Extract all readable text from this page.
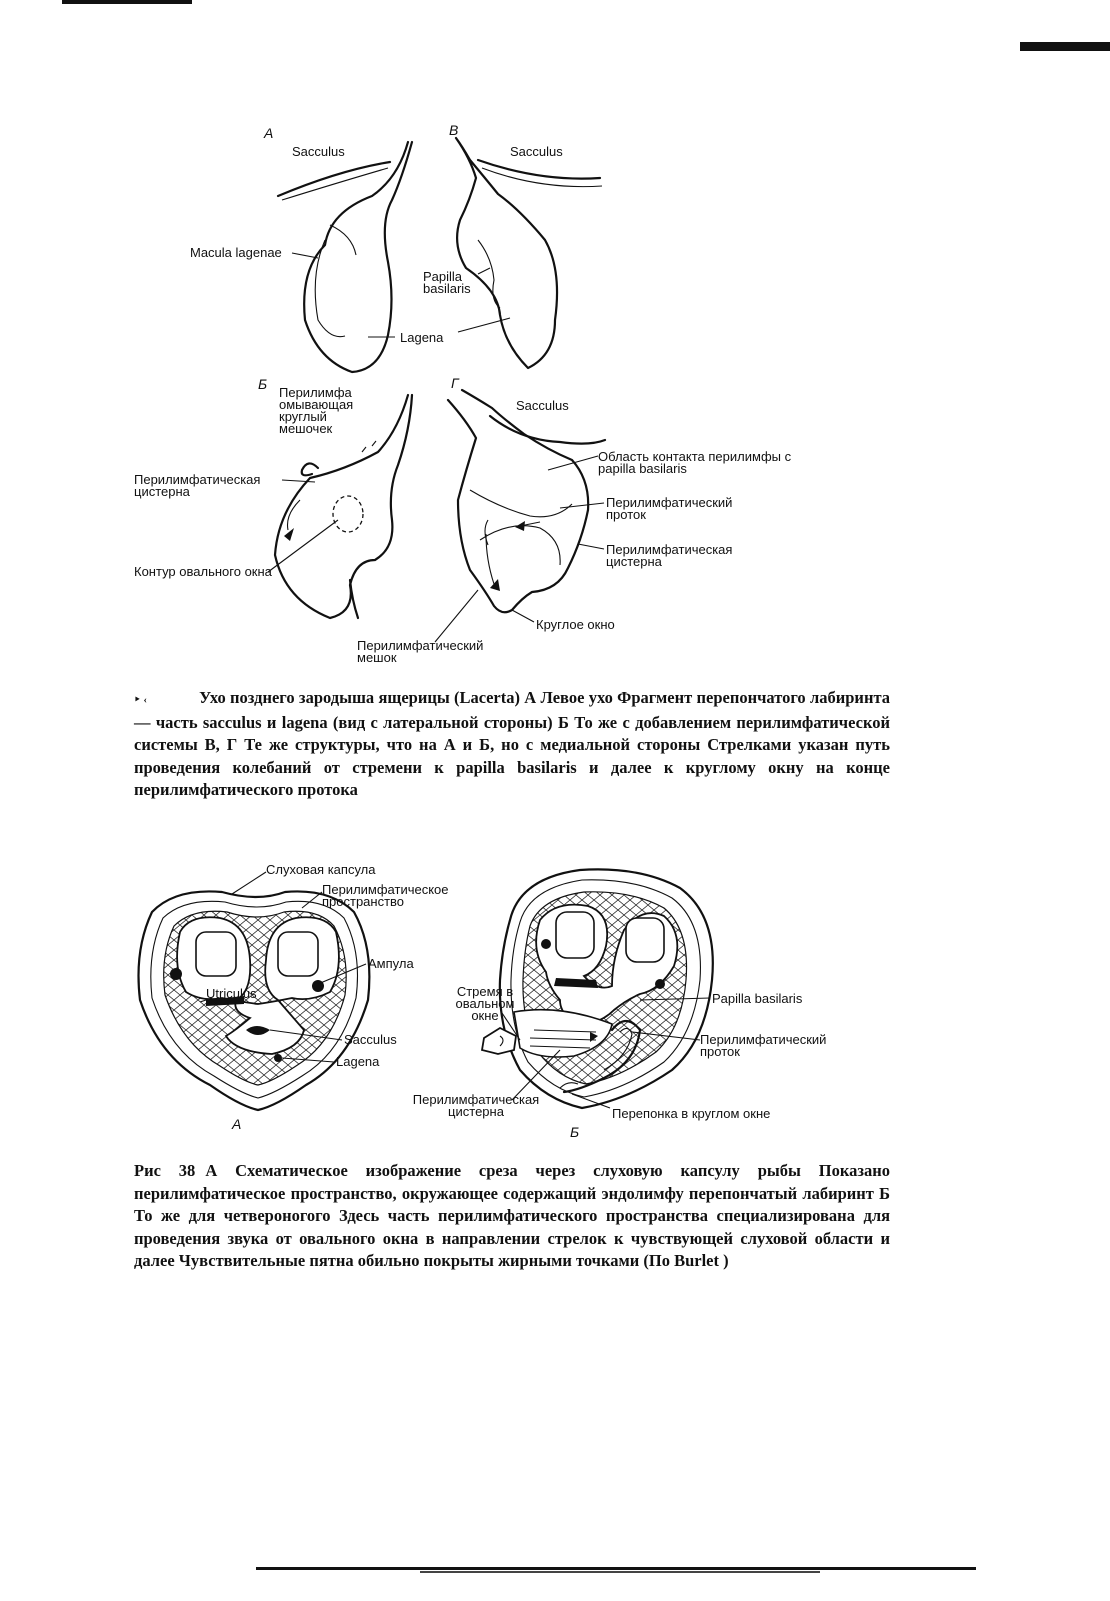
A	В
Б	Г
Sacculus	Sacculus
Macula lagenae
Papilla basilaris
Lagena
Перилимфа омывающая круглый мешочек
Перилимфатическая цистерна
Контур овального окна
Sacculus
Область контакта перилимфы с papilla basilaris
Перилимфатический проток
Перилимфатическая цистерна
Круглое окно
Перилимфатический мешок
‣ ‹	Ухо позднего зародыша ящерицы (Lacerta) А Левое ухо Фрагмент перепончатого лабиринта — часть sacculus и lagena (вид с латеральной стороны) Б То же с добавлением перилимфатической системы В, Г Те же структуры, что на А и Б, но с медиальной стороны Стрелками указан путь проведения колебаний от стремени к papilla basilaris и далее к круглому окну на конце перилимфатического протока
Слуховая капсула
Перилимфатическое пространство
Ампула
Utriculus
Sacculus
Lagena
Стремя в овальном окне
Papilla basilaris
Перилимфатический проток
Перилимфатическая цистерна	Перепонка в круглом окне
А	Б
Рис 38 А Схематическое изображение среза через слуховую капсулу рыбы Показано перилимфатическое пространство, окружающее содержащий эндолимфу перепончатый лабиринт Б То же для четвероногого Здесь часть перилимфатического пространства специализирована для проведения звука от овального окна в направлении стрелок к чувствующей слуховой области и далее Чувствительные пятна обильно покрыты жирными точками (По Burlet )
